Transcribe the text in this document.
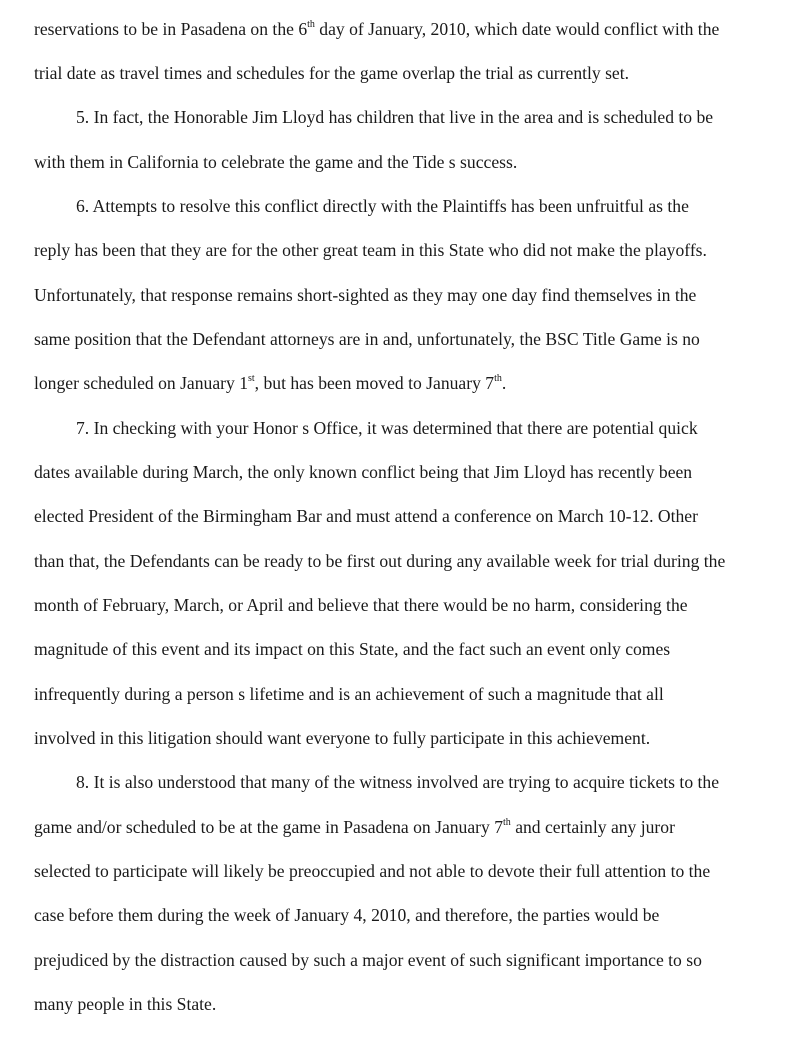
reservations to be in Pasadena on the 6th day of January, 2010, which date would conflict with the

trial date as travel times and schedules for the game overlap the trial as currently set.

5. In fact, the Honorable Jim Lloyd has children that live in the area and is scheduled to be

with them in California to celebrate the game and the Tide s success.

6. Attempts to resolve this conflict directly with the Plaintiffs has been unfruitful as the

reply has been that they are for the other great team in this State who did not make the playoffs.

Unfortunately, that response remains short-sighted as they may one day find themselves in the

same position that the Defendant attorneys are in and, unfortunately, the BSC Title Game is no

longer scheduled on January 1st, but has been moved to January 7th.

7. In checking with your Honor s Office, it was determined that there are potential quick

dates available during March, the only known conflict being that Jim Lloyd has recently been

elected President of the Birmingham Bar and must attend a conference on March 10-12. Other

than that, the Defendants can be ready to be first out during any available week for trial during the

month of February, March, or April and believe that there would be no harm, considering the

magnitude of this event and its impact on this State, and the fact such an event only comes

infrequently during a person s lifetime and is an achievement of such a magnitude that all

involved in this litigation should want everyone to fully participate in this achievement.

8. It is also understood that many of the witness involved are trying to acquire tickets to the

game and/or scheduled to be at the game in Pasadena on January 7th and certainly any juror

selected to participate will likely be preoccupied and not able to devote their full attention to the

case before them during the week of January 4, 2010, and therefore, the parties would be

prejudiced by the distraction caused by such a major event of such significant importance to so

many people in this State.
